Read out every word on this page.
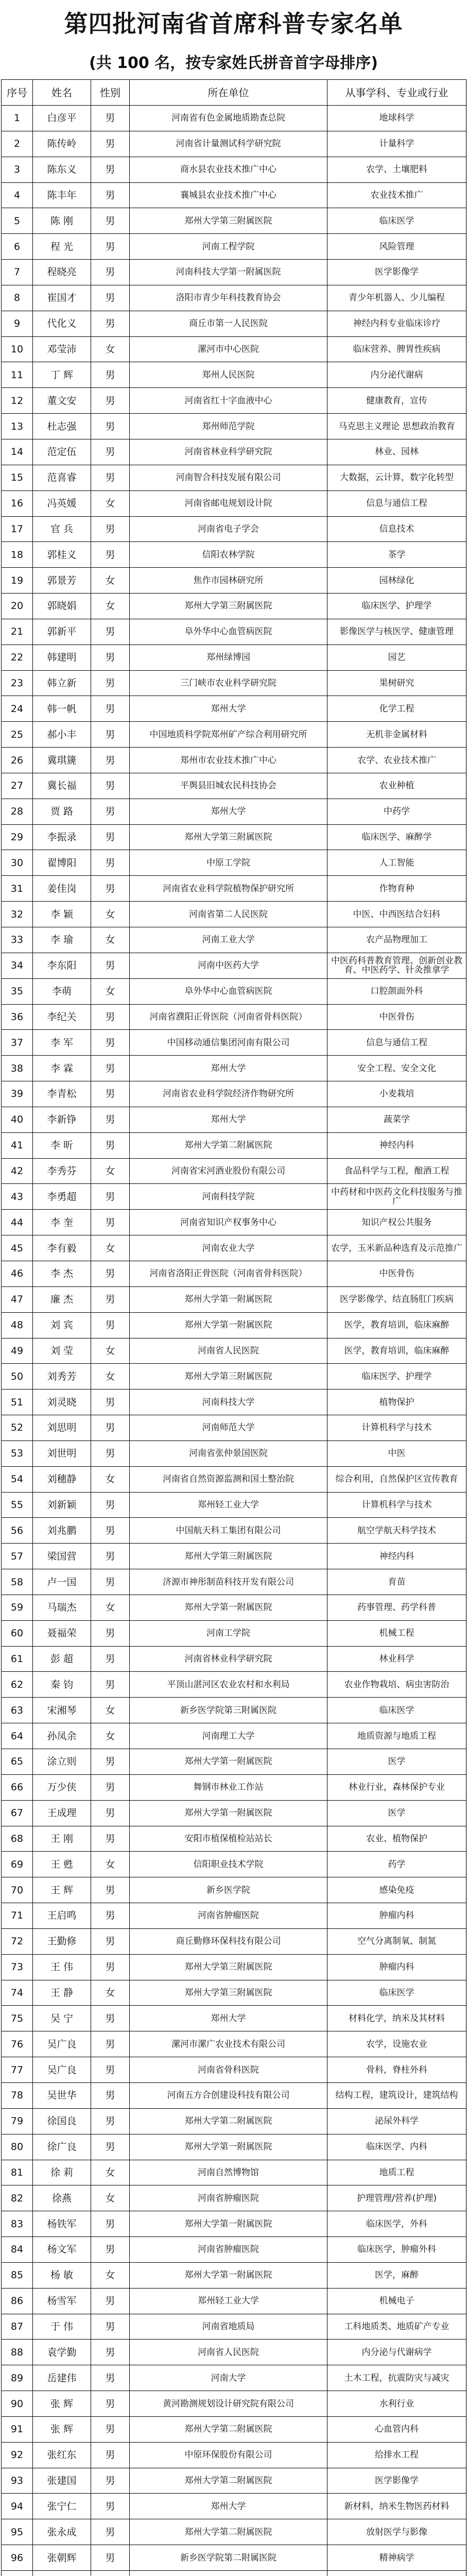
第四批河南省首席科普专家名单
(共 100 名，按专家姓氏拼音首字母排序)
序号	姓名	性别	所在单位	从事学科、专业或行业
1	白彦平	男	河南省有色金属地质勘查总院	地球科学
2	陈传岭	男	河南省计量测试科学研究院	计量科学
3	陈东义	男	商水县农业技术推广中心	农学、土壤肥料
4	陈丰年	男	襄城县农业技术推广中心	农业技术推广
5	陈 刚	男	郑州大学第三附属医院	临床医学
6	程 光	男	河南工程学院	风险管理
7	程晓亮	男	河南科技大学第一附属医院	医学影像学
8	崔国才	男	洛阳市青少年科技教育协会	青少年机器人、少儿编程
9	代化义	男	商丘市第一人民医院	神经内科专业临床诊疗
10	邓莹沛	女	漯河市中心医院	临床营养、脾胃性疾病
11	丁 辉	男	郑州人民医院	内分泌代谢病
12	董文安	男	河南省红十字血液中心	健康教育，宣传
13	杜志强	男	郑州师范学院	马克思主义理论 思想政治教育
14	范定伍	男	河南省林业科学研究院	林业、园林
15	范喜睿	男	河南智合科技发展有限公司	大数据，云计算，数字化转型
16	冯英媛	女	河南省邮电规划设计院	信息与通信工程
17	官 兵	男	河南省电子学会	信息技术
18	郭桂义	男	信阳农林学院	茶学
19	郭景芳	女	焦作市园林研究所	园林绿化
20	郭晓娟	女	郑州大学第三附属医院	临床医学、护理学
21	郭新平	男	阜外华中心血管病医院	影像医学与核医学、健康管理
22	韩建明	男	郑州绿博园	园艺
23	韩立新	男	三门峡市农业科学研究院	果树研究
24	韩一帆	男	郑州大学	化学工程
25	郝小丰	男	中国地质科学院郑州矿产综合利用研究所	无机非金属材料
26	冀琪篪	男	郑州市农业技术推广中心	农学、农业技术推广
27	冀长福	男	平舆县旧城农民科技协会	农业种植
28	贾 路	男	郑州大学	中药学
29	李振录	男	郑州大学第三附属医院	临床医学、麻醉学
30	翟博阳	男	中原工学院	人工智能
31	姜佳岗	男	河南省农业科学院植物保护研究所	作物育种
32	李 颖	女	河南省第二人民医院	中医、中西医结合妇科
33	李 瑜	女	河南工业大学	农产品物理加工
34	李东阳	男	河南中医药大学	中医药科普教育管理、创新创业教育、中医药学、针灸推拿学
35	李萌	女	阜外华中心血管病医院	口腔颌面外科
36	李纪关	男	河南省濮阳正骨医院（河南省骨科医院）	中医骨伤
37	李 军	男	中国移动通信集团河南有限公司	信息与通信工程
38	李 霖	男	郑州大学	安全工程、安全文化
39	李青松	男	河南省农业科学院经济作物研究所	小麦栽培
40	李新铮	男	郑州大学	蔬菜学
41	李 昕	男	郑州大学第二附属医院	神经内科
42	李秀芬	女	河南省宋河酒业股份有限公司	食品科学与工程，酿酒工程
43	李勇超	男	河南科技学院	中药材和中医药文化科技服务与推广
44	李 奎	男	河南省知识产权事务中心	知识产权公共服务
45	李有毅	女	河南农业大学	农学，玉米新品种选育及示范推广
46	李 杰	男	河南省洛阳正骨医院（河南省骨科医院）	中医骨伤
47	廉 杰	男	郑州大学第一附属医院	医学影像学、结直肠肛门疾病
48	刘 宾	男	郑州大学第一附属医院	医学，教育培训，临床麻醉
49	刘 莹	女	河南省人民医院	医学，教育培训，临床麻醉
50	刘秀芳	女	郑州大学第三附属医院	临床医学、护理学
51	刘灵晓	男	河南科技大学	植物保护
52	刘思明	男	河南师范大学	计算机科学与技术
53	刘世明	男	河南省张仲景国医院	中医
54	刘穗静	女	河南省自然资源监测和国土整治院	综合利用，自然保护区宣传教育
55	刘新颖	男	郑州轻工业大学	计算机科学与技术
56	刘兆鹏	男	中国航天科工集团有限公司	航空学航天科学技术
57	梁国营	男	郑州大学第三附属医院	神经内科
58	卢一国	男	济源市神彤制苗科技开发有限公司	育苗
59	马瑞杰	女	郑州大学第一附属医院	药事管理、药学科普
60	聂福荣	男	河南工学院	机械工程
61	彭 超	男	河南省林业科学研究院	林业科学
62	秦 钧	男	平顶山湛河区农业农村和水利局	农业作物栽培、病虫害防治
63	宋湘琴	女	新乡医学院第三附属医院	临床医学
64	孙凤余	女	河南理工大学	地质资源与地质工程
65	涂立则	男	郑州大学第一附属医院	医学
66	万少侠	男	舞钢市林业工作站	林业行业，森林保护专业
67	王成理	男	郑州大学第一附属医院	医学
68	王 刚	男	安阳市植保植检站站长	农业、植物保护
69	王 甦	女	信阳职业技术学院	药学
70	王 辉	男	新乡医学院	感染免疫
71	王启鸣	男	河南省肿瘤医院	肿瘤内科
72	王勤修	男	商丘勤修环保科技有限公司	空气分离制氧、制氮
73	王 伟	男	郑州大学第三附属医院	肿瘤内科
74	王 静	女	郑州大学第三附属医院	临床医学
75	吴 宁	男	郑州大学	材料化学，纳米及其材料
76	吴广良	男	漯河市漯广农业技术有限公司	农学，设施农业
77	吴广良	男	河南省骨科医院	骨科，脊柱外科
78	吴世华	男	河南五方合创建设科技有限公司	结构工程，建筑设计，建筑结构
79	徐国良	男	郑州大学第二附属医院	泌尿外科学
80	徐广良	男	郑州大学第一附属医院	临床医学、内科
81	徐 莉	女	河南自然博物馆	地质工程
82	徐燕	女	河南省肿瘤医院	护理管理/营养(护理)
83	杨铁军	男	郑州大学第一附属医院	临床医学，外科
84	杨文军	男	河南省肿瘤医院	临床医学，肿瘤外科
85	杨 敏	女	郑州大学第一附属医院	医学，麻醉
86	杨雪军	男	郑州轻工业大学	机械电子
87	于 伟	男	河南省地质局	工科地质类、地质矿产专业
88	袁学勤	男	河南省人民医院	内分泌与代谢病学
89	岳建伟	男	河南大学	土木工程，抗震防灾与减灾
90	张 辉	男	黄河勘测规划设计研究院有限公司	水利行业
91	张 辉	男	郑州大学第二附属医院	心血管内科
92	张红东	男	中原环保股份有限公司	给排水工程
93	张建国	男	郑州大学第二附属医院	医学影像学
94	张宁仁	男	郑州大学	新材料，纳米生物医药材料
95	张永成	男	郑州大学第二附属医院	放射医学与影像
96	张朝辉	男	新乡医学院第二附属医院	精神病学
